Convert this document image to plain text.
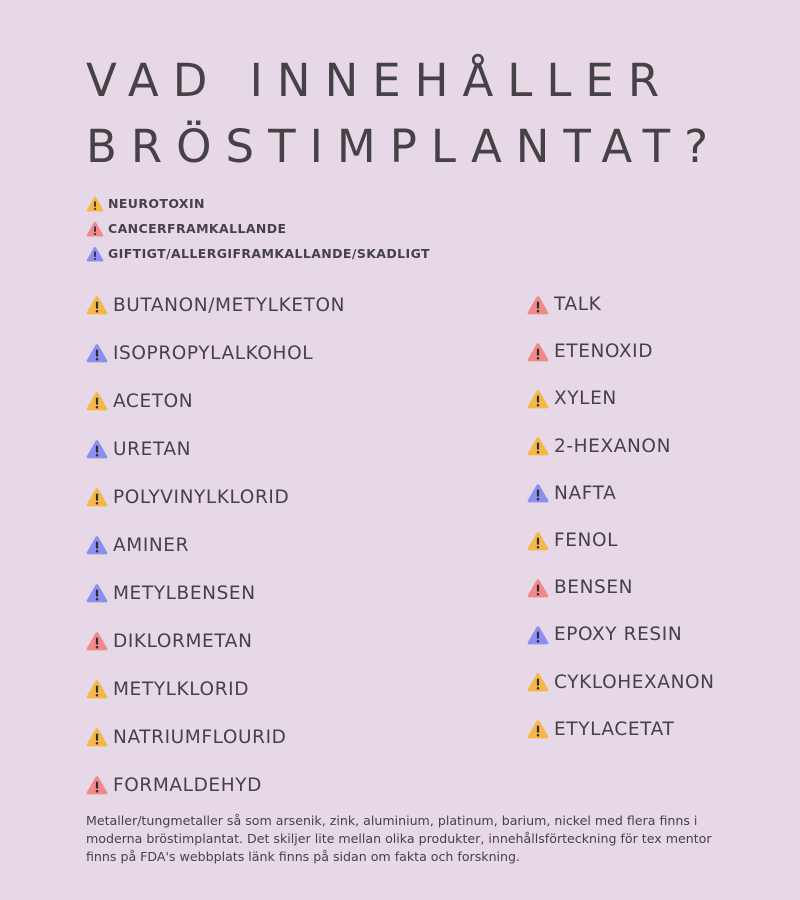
VAD INNEHÅLLER
BRÖSTIMPLANTAT?
NEUROTOXIN
CANCERFRAMKALLANDE
GIFTIGT/ALLERGIFRAMKALLANDE/SKADLIGT
BUTANON/METYLKETON
ISOPROPYLALKOHOL
ACETON
URETAN
POLYVINYLKLORID
AMINER
METYLBENSEN
DIKLORMETAN
METYLKLORID
NATRIUMFLOURID
FORMALDEHYD
TALK
ETENOXID
XYLEN
2-HEXANON
NAFTA
FENOL
BENSEN
EPOXY RESIN
CYKLOHEXANON
ETYLACETAT

Metaller/tungmetaller så som arsenik, zink, aluminium, platinum, barium, nickel med flera finns i moderna bröstimplantat. Det skiljer lite mellan olika produkter, innehållsförteckning för tex mentor finns på FDA's webbplats länk finns på sidan om fakta och forskning.
